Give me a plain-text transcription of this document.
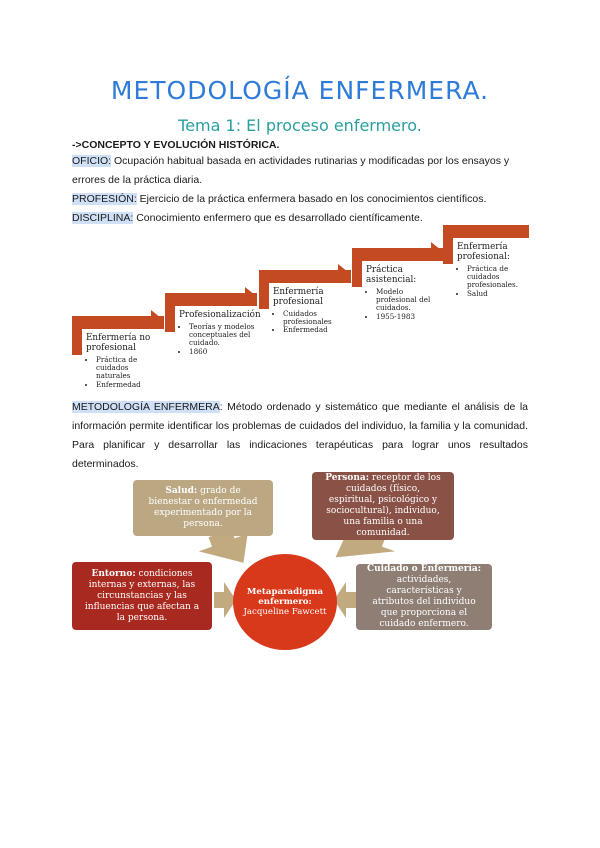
METODOLOGÍA ENFERMERA.
Tema 1: El proceso enfermero.
->CONCEPTO Y EVOLUCIÓN HISTÓRICA.
OFICIO: Ocupación habitual basada en actividades rutinarias y modificadas por los ensayos y errores de la práctica diaria.
PROFESIÓN: Ejercicio de la práctica enfermera basado en los conocimientos científicos.
DISCIPLINA: Conocimiento enfermero que es desarrollado científicamente.
Enfermería no profesional
• Práctica de cuidados naturales
• Enfermedad
Profesionalización
• Teorías y modelos conceptuales del cuidado.
• 1860
Enfermería profesional
• Cuidados profesionales
• Enfermedad
Práctica asistencial:
• Modelo profesional del cuidados.
• 1955-1983
Enfermería profesional:
• Práctica de cuidados profesionales.
• Salud
METODOLOGÍA ENFERMERA: Método ordenado y sistemático que mediante el análisis de la información permite identificar los problemas de cuidados del individuo, la familia y la comunidad. Para planificar y desarrollar las indicaciones terapéuticas para lograr unos resultados determinados.
Salud: grado de bienestar o enfermedad experimentado por la persona.
Persona: receptor de los cuidados (físico, espiritual, psicológico y sociocultural), individuo, una familia o una comunidad.
Entorno: condiciones internas y externas, las circunstancias y las influencias que afectan a la persona.
Cuidado o Enfermería: actividades, características y atributos del individuo que proporciona el cuidado enfermero.
Metaparadigma enfermero:
Jacqueline Fawcett
